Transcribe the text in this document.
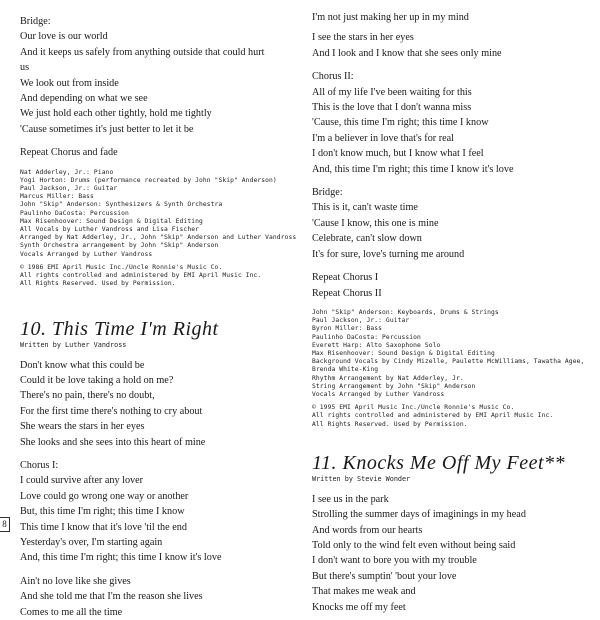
8
Bridge:
Our love is our world
And it keeps us safely from anything outside that could hurt
us
We look out from inside
And depending on what we see
We just hold each other tightly, hold me tightly
'Cause sometimes it's just better to let it be
Repeat Chorus and fade
Nat Adderley, Jr.: Piano
Yogi Horton: Drums (performance recreated by John "Skip" Anderson)
Paul Jackson, Jr.: Guitar
Marcus Miller: Bass
John "Skip" Anderson: Synthesizers & Synth Orchestra
Paulinho DaCosta: Percussion
Max Risenhoover: Sound Design & Digital Editing
All Vocals by Luther Vandross and Lisa Fischer
Arranged by Nat Adderley, Jr., John "Skip" Anderson and Luther Vandross
Synth Orchestra arrangement by John "Skip" Anderson
Vocals Arranged by Luther Vandross
© 1986 EMI April Music Inc./Uncle Ronnie's Music Co.
All rights controlled and administered by EMI April Music Inc.
All Rights Reserved. Used by Permission.
10. This Time I'm Right
Written by Luther Vandross
Don't know what this could be
Could it be love taking a hold on me?
There's no pain, there's no doubt,
For the first time there's nothing to cry about
She wears the stars in her eyes
She looks and she sees into this heart of mine
Chorus I:
I could survive after any lover
Love could go wrong one way or another
But, this time I'm right; this time I know
This time I know that it's love 'til the end
Yesterday's over, I'm starting again
And, this time I'm right; this time I know it's love
Ain't no love like she gives
And she told me that I'm the reason she lives
Comes to me all the time
I'm not just making her up in my mind
I see the stars in her eyes
And I look and I know that she sees only mine
Chorus II:
All of my life I've been waiting for this
This is the love that I don't wanna miss
'Cause, this time I'm right; this time I know
I'm a believer in love that's for real
I don't know much, but I know what I feel
And, this time I'm right; this time I know it's love
Bridge:
This is it, can't waste time
'Cause I know, this one is mine
Celebrate, can't slow down
It's for sure, love's turning me around
Repeat Chorus I
Repeat Chorus II
John "Skip" Anderson: Keyboards, Drums & Strings
Paul Jackson, Jr.: Guitar
Byron Miller: Bass
Paulinho DaCosta: Percussion
Everett Harp: Alto Saxophone Solo
Max Risenhoover: Sound Design & Digital Editing
Background Vocals by Cindy Mizelle, Paulette McWilliams, Tawatha Agee,
Brenda White-King
Rhythm Arrangement by Nat Adderley, Jr.
String Arrangement by John "Skip" Anderson
Vocals Arranged by Luther Vandross
© 1995 EMI April Music Inc./Uncle Ronnie's Music Co.
All rights controlled and administered by EMI April Music Inc.
All Rights Reserved. Used by Permission.
11. Knocks Me Off My Feet**
Written by Stevie Wonder
I see us in the park
Strolling the summer days of imaginings in my head
And words from our hearts
Told only to the wind felt even without being said
I don't want to bore you with my trouble
But there's sumptin' 'bout your love
That makes me weak and
Knocks me off my feet
